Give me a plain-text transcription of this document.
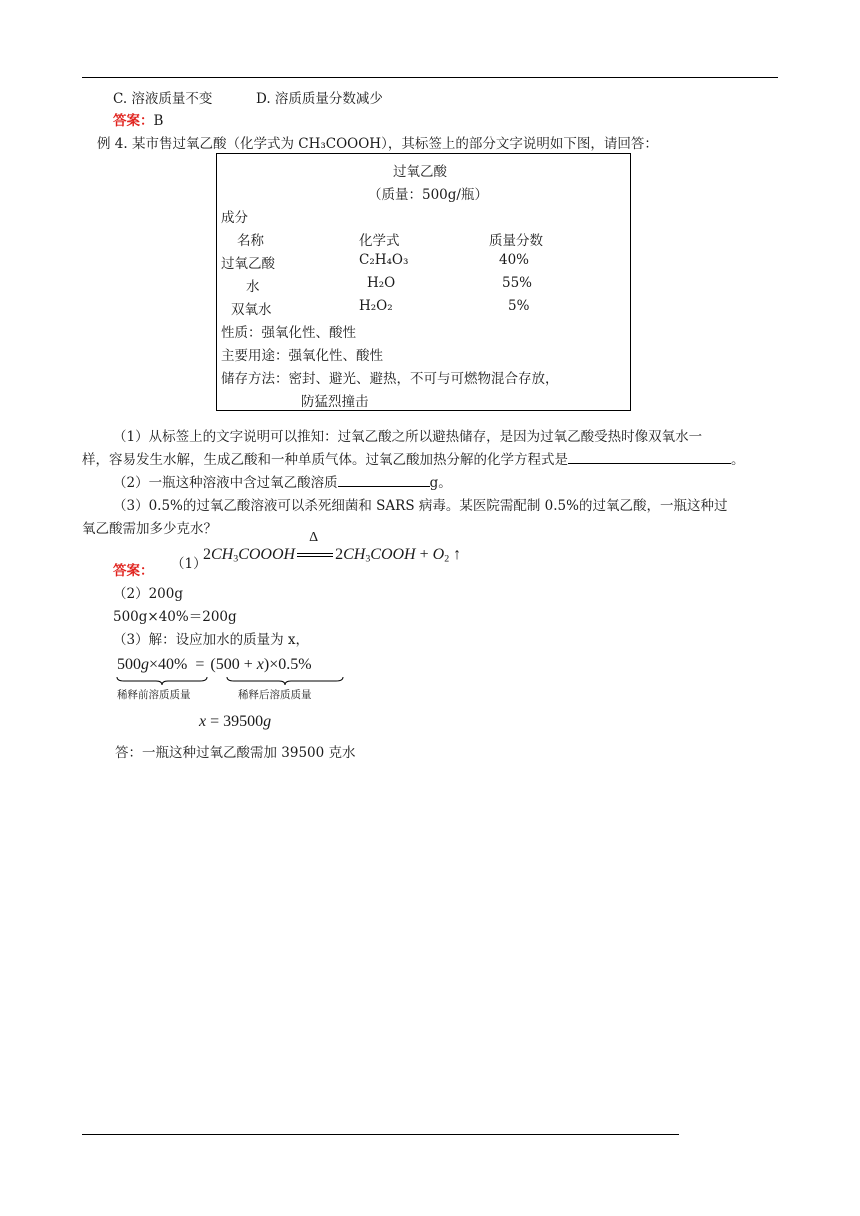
C. 溶液质量不变	D. 溶质质量分数减少
答案：B
例 4. 某市售过氧乙酸（化学式为 CH₃COOOH），其标签上的部分文字说明如下图，请回答：
过氧乙酸
（质量：500g/瓶）
成分
名称	化学式	质量分数
过氧乙酸	C₂H₄O₃	40%
水	H₂O	55%
双氧水	H₂O₂	5%
性质：强氧化性、酸性
主要用途：强氧化性、酸性
储存方法：密封、避光、避热，不可与可燃物混合存放，
防猛烈撞击
（1）从标签上的文字说明可以推知：过氧乙酸之所以避热储存，是因为过氧乙酸受热时像双氧水一
样，容易发生水解，生成乙酸和一种单质气体。过氧乙酸加热分解的化学方程式是	。
（2）一瓶这种溶液中含过氧乙酸溶质	g。
（3）0.5%的过氧乙酸溶液可以杀死细菌和 SARS 病毒。某医院需配制 0.5%的过氧乙酸，一瓶这种过
氧乙酸需加多少克水？
答案： （1）
$2CH_3COOOH$
Δ
$2CH_3COOH + O_2$ ↑
（2）200g
500g×40%＝200g
（3）解：设应加水的质量为 x，
500g×40% = (500 + x)×0.5%
稀释前溶质质量	稀释后溶质质量
x = 39500g
答：一瓶这种过氧乙酸需加 39500 克水
